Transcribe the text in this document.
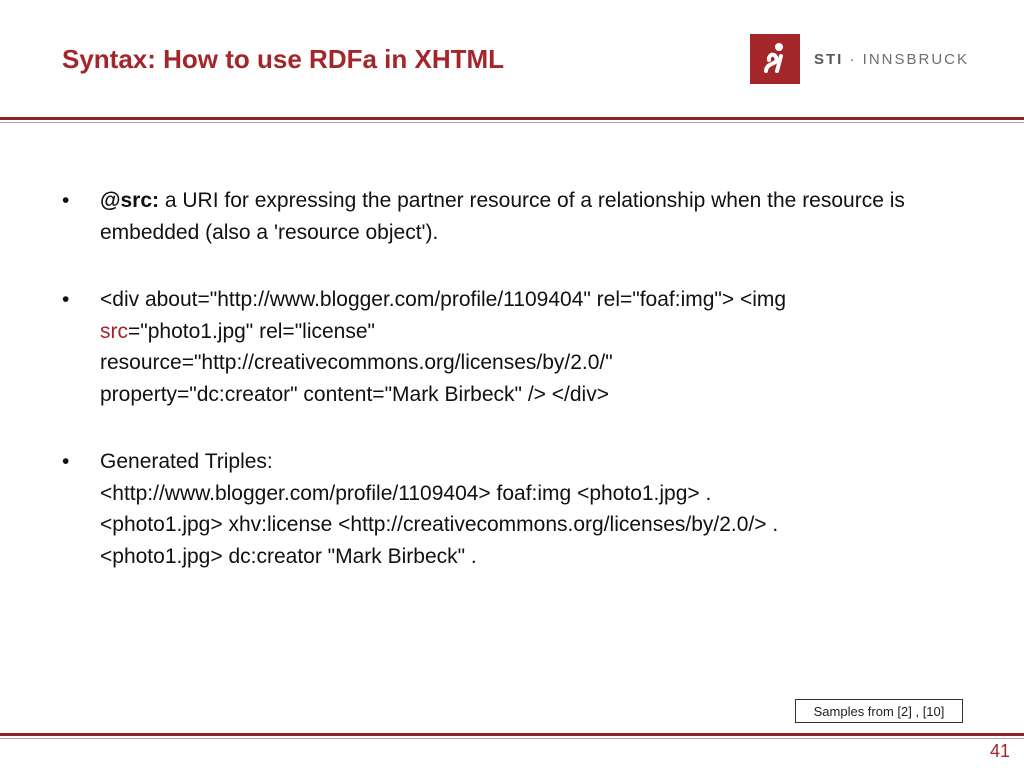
Syntax: How to use RDFa in XHTML	STI · INNSBRUCK
• @src: a URI for expressing the partner resource of a relationship when the resource is embedded (also a 'resource object').
• <div about="http://www.blogger.com/profile/1109404" rel="foaf:img"> <img
src="photo1.jpg" rel="license"
resource="http://creativecommons.org/licenses/by/2.0/"
property="dc:creator" content="Mark Birbeck" /> </div>
• Generated Triples:
<http://www.blogger.com/profile/1109404> foaf:img <photo1.jpg> .
<photo1.jpg> xhv:license <http://creativecommons.org/licenses/by/2.0/> .
<photo1.jpg> dc:creator "Mark Birbeck" .
Samples from [2] , [10]
41
